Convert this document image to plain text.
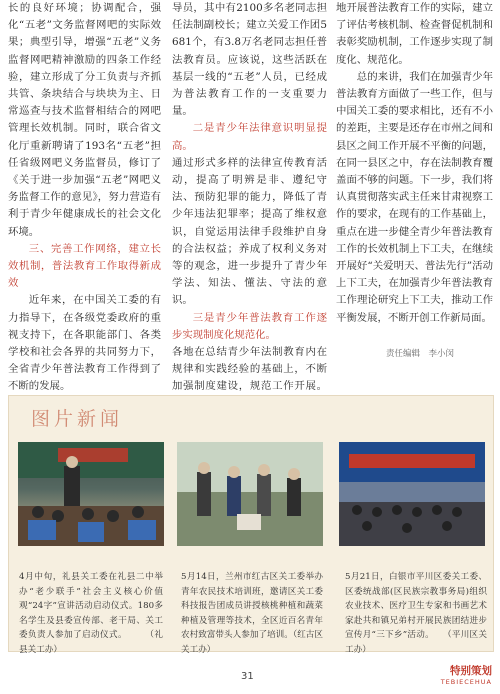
长的良好环境；协调配合，强化“五老”文务监督网吧的实际效果；典型引导，增强“五老”义务监督网吧精神激励的四条工作经验，建立形成了分工负责与齐抓共管、条块结合与块块为主、日常巡查与技术监督相结合的网吧管理长效机制。同时，联合省文化厅重新聘请了193名“五老”担任省级网吧义务监督员，修订了《关于进一步加强“五老”网吧义务监督工作的意见》，努力营造有利于青少年健康成长的社会文化环境。

三、完善工作网络，建立长效机制，普法教育工作取得新成效

近年来，在中国关工委的有力指导下，在各级党委政府的重视支持下，在各职能部门、各类学校和社会各界的共同努力下，全省青少年普法教育工作得到了不断的发展。

导员，其中有2100多名老同志担任法制副校长；建立关爱工作团5681个，有3.8万名老同志担任普法教育员。应该说，这些活跃在基层一线的“五老”人员，已经成为普法教育工作的一支重要力量。

二是青少年法律意识明显提高。

通过形式多样的法律宣传教育活动，提高了明辨是非、遵纪守法、预防犯罪的能力，降低了青少年违法犯罪率；提高了维权意识，自觉运用法律手段维护自身的合法权益；养成了权利义务对等的观念，进一步提升了青少年学法、知法、懂法、守法的意识。

三是青少年普法教育工作逐步实现制度化规范化。

各地在总结青少年法制教育内在规律和实践经验的基础上，不断加强制度建设，规范工作开展。

地开展普法教育工作的实际，建立了评估考核机制、检查督促机制和表彰奖励机制，工作逐步实现了制度化、规范化。

总的来讲，我们在加强青少年普法教育方面做了一些工作，但与中国关工委的要求相比，还有不小的差距，主要是还存在市州之间和县区之间工作开展不平衡的问题，在同一县区之中，存在法制教育覆盖面不够的问题。下一步，我们将认真贯彻落实武主任来甘肃视察工作的要求，在现有的工作基础上，重点在进一步健全青少年普法教育工作的长效机制上下工夫，在继续开展好“关爱明天、普法先行”活动上下工夫，在加强青少年普法教育工作理论研究上下工夫，推动工作平衡发展，不断开创工作新局面。

责任编辑　李小闵
图片新闻
4月中旬，礼县关工委在礼县二中举办“老少联手”社会主义核心价值观“24字”宣讲活动启动仪式。180多名学生及县委宣传部、老干局、关工委负责人参加了启动仪式。　　　（礼县关工办）
5月14日，兰州市红古区关工委举办青年农民技术培训班，邀请区关工委科技报告团成员讲授核桃种植和蔬菜种植及管理等技术，全区近百名青年农村致富带头人参加了培训。（红古区关工办）
5月21日，白银市平川区委关工委、区委统战部(区民族宗教事务局)组织农业技术、医疗卫生专家和书画艺术家赴共和镇兄弟村开展民族团结进步宣传月“三下乡”活动。　　（平川区关工办）
31	特别策划
TEBIECEHUA
